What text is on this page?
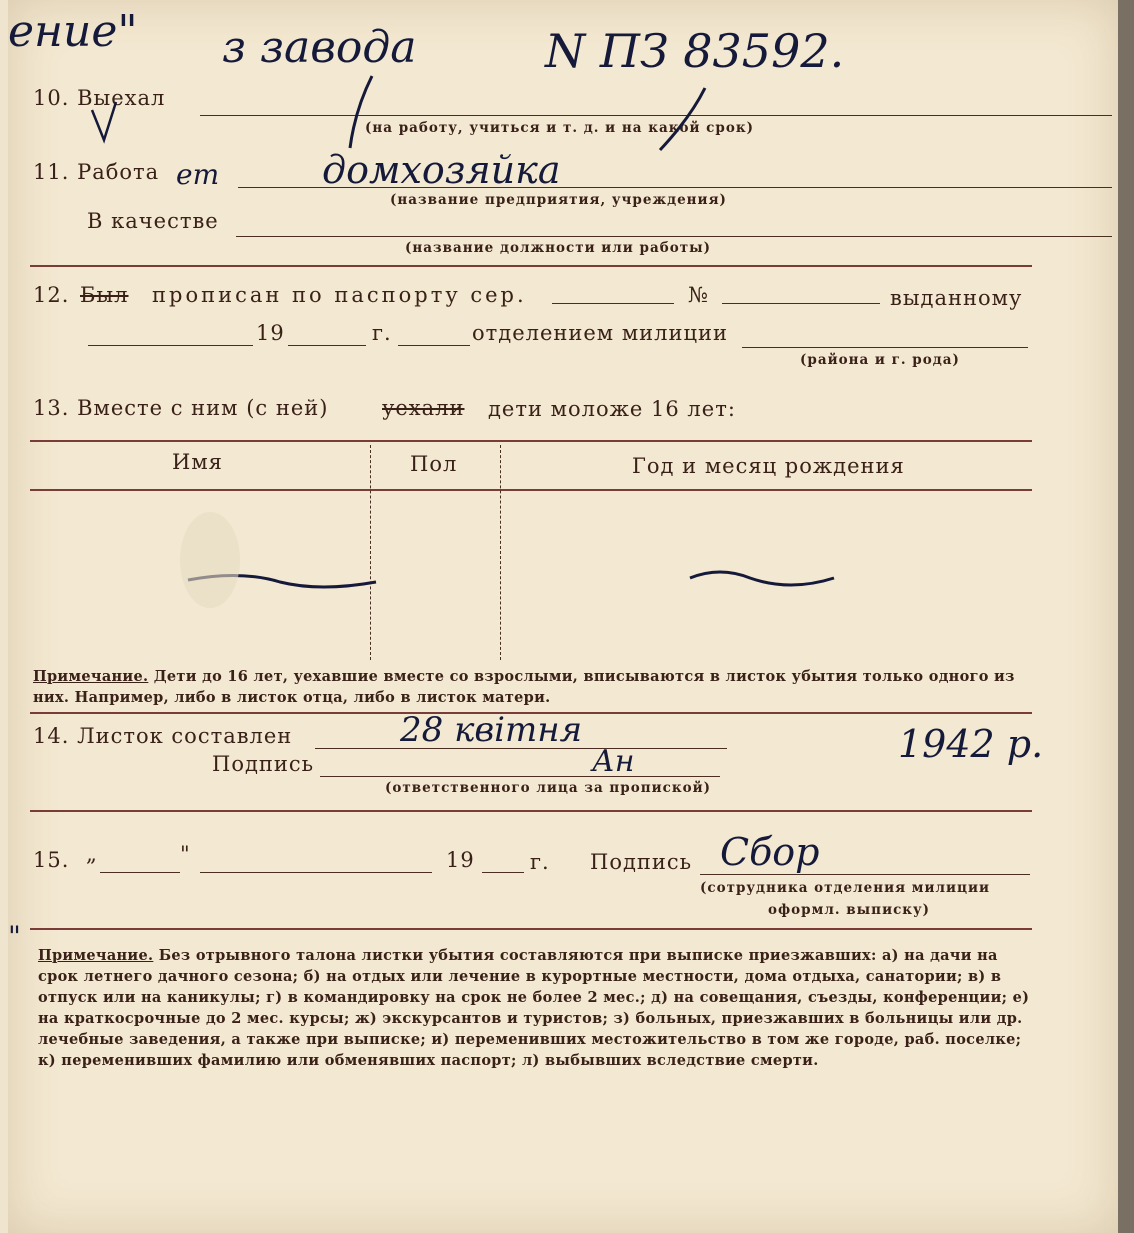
ение" з завода	N ПЗ 83592.
10. Выехал
(на работу, учиться и т. д. и на какой срок)
11. Работа ет	домхозяйка
(название предприятия, учреждения)
В качестве
(название должности или работы)
12. Был прописан по паспорту сер.	№	выданному
19	г.	отделением милиции
(района и г. рода)
13. Вместе с ним (с ней)	уехали дети моложе 16 лет:
Имя	Пол	Год и месяц рождения
Примечание. Дети до 16 лет, уехавшие вместе со взрослыми, вписываются в листок убытия только одного из них. Например, либо в листок отца, либо в листок матери.
14. Листок составлен	28 квітня	1942 р.
Подпись	Ан
(ответственного лица за пропиской)
15. „	"	19	г. Подпись Сбор
(сотрудника отделения милиции
оформл. выписку)
"
Примечание. Без отрывного талона листки убытия составляются при выписке приезжавших: а) на дачи на срок летнего дачного сезона; б) на отдых или лечение в курортные местности, дома отдыха, санатории; в) в отпуск или на каникулы; г) в командировку на срок не более 2 мес.; д) на совещания, съезды, конференции; е) на краткосрочные до 2 мес. курсы; ж) экскурсантов и туристов; з) больных, приезжавших в больницы или др. лечебные заведения, а также при выписке; и) переменивших местожительство в том же городе, раб. поселке; к) переменивших фамилию или обменявших паспорт; л) выбывших вследствие смерти.
